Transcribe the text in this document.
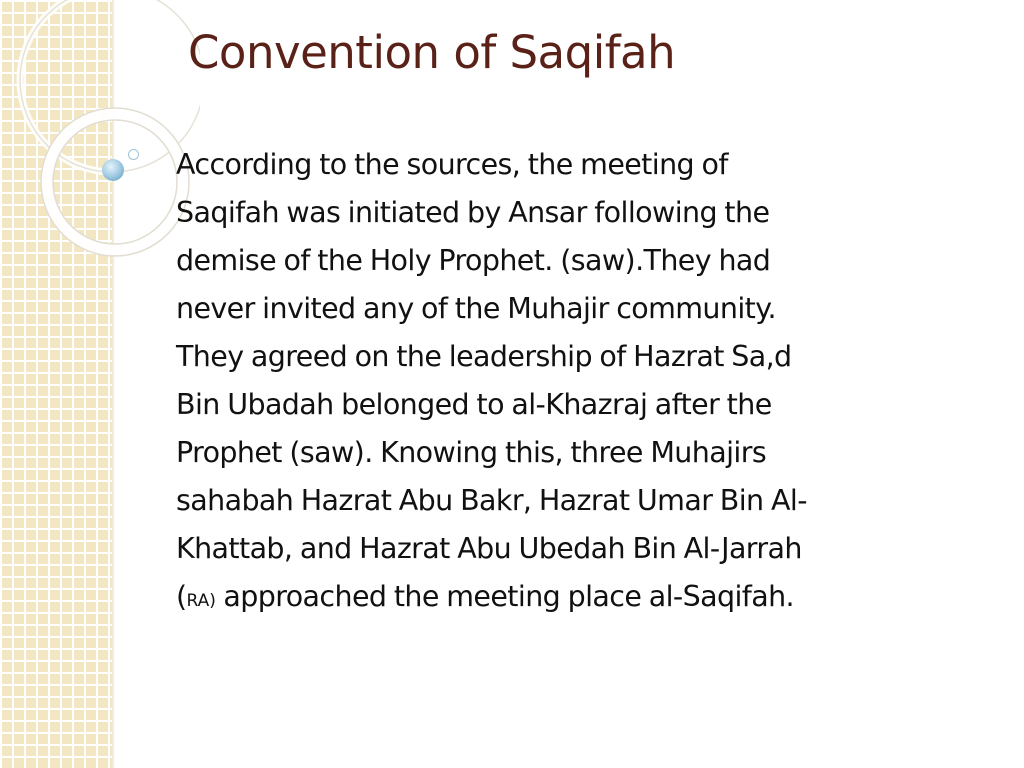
Convention of Saqifah

According to the sources, the meeting of
Saqifah was initiated by Ansar following the
demise of the Holy Prophet. (saw).They had
never invited any of the Muhajir community.
They agreed on the leadership of Hazrat Sa,d
Bin Ubadah belonged to al-Khazraj after the
Prophet (saw). Knowing this, three Muhajirs
sahabah Hazrat Abu Bakr, Hazrat Umar Bin Al-
Khattab, and Hazrat Abu Ubedah Bin Al-Jarrah
(RA) approached the meeting place al-Saqifah.
